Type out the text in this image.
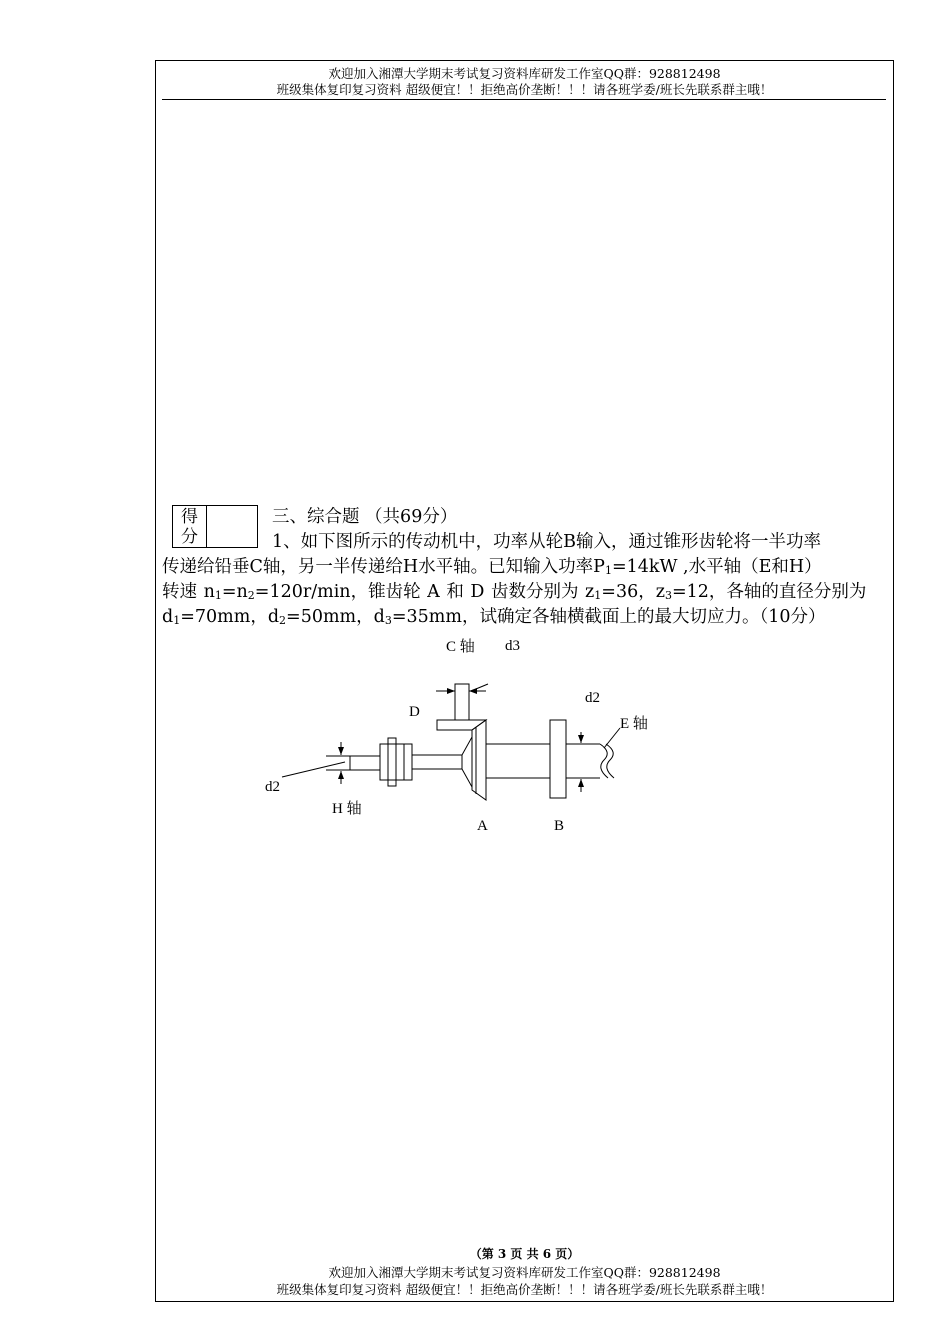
欢迎加入湘潭大学期末考试复习资料库研发工作室QQ群：928812498
班级集体复印复习资料 超级便宜！！拒绝高价垄断！！！请各班学委/班长先联系群主哦！
（第 3 页 共 6 页）
欢迎加入湘潭大学期末考试复习资料库研发工作室QQ群：928812498
班级集体复印复习资料 超级便宜！！拒绝高价垄断！！！请各班学委/班长先联系群主哦！
得
分
三、综合题 （共69分）
1、如下图所示的传动机中，功率从轮B输入，通过锥形齿轮将一半功率
传递给铅垂C轴，另一半传递给H水平轴。已知输入功率$P_1=14kW$ ,水平轴（E和H）
转速 $n_1=n_2=120r/\min$，锥齿轮 A 和 D 齿数分别为 $z_1=36$，$z_3=12$，各轴的直径分别为
$d_1=70mm$，$d_2=50mm$，$d_3=35mm$，试确定各轴横截面上的最大切应力。（10分）
C 轴 d3
D
d2
E 轴
d2
H 轴
A	B
